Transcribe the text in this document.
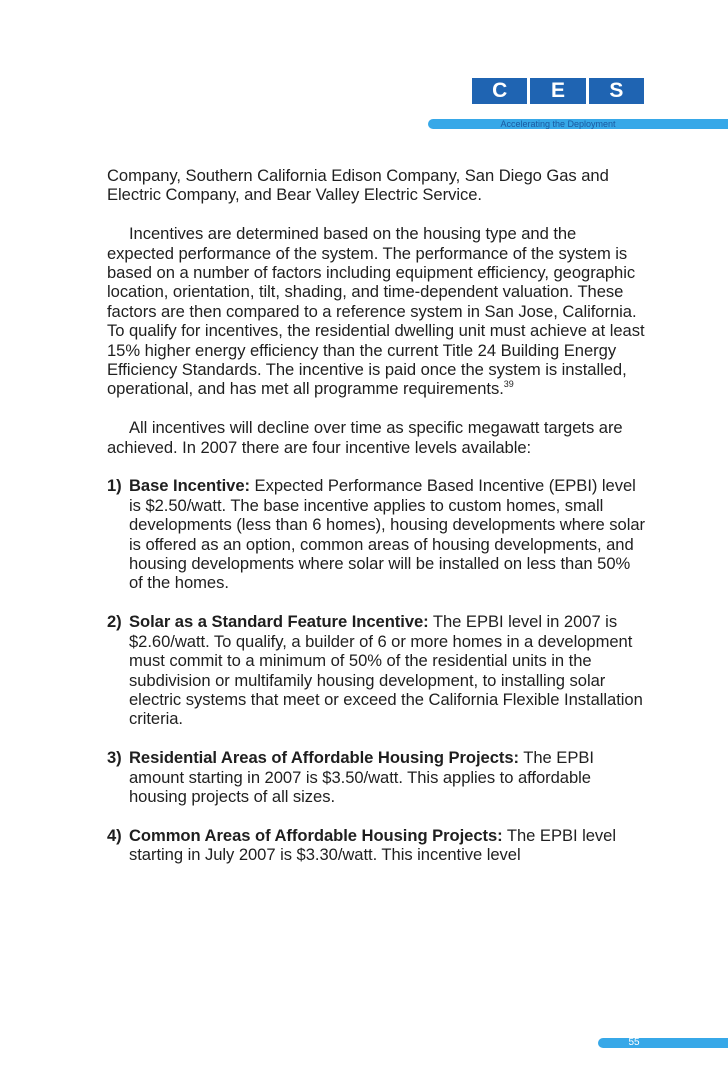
C	E	S
Accelerating the Deployment

Company, Southern California Edison Company, San Diego Gas and Electric Company, and Bear Valley Electric Service.

Incentives are determined based on the housing type and the expected performance of the system. The performance of the system is based on a number of factors including equipment efficiency, geographic location, orientation, tilt, shading, and time-dependent valuation. These factors are then compared to a reference system in San Jose, California. To qualify for incentives, the residential dwelling unit must achieve at least 15% higher energy efficiency than the current Title 24 Building Energy Efficiency Standards. The incentive is paid once the system is installed, operational, and has met all programme requirements.$^{39}$

All incentives will decline over time as specific megawatt targets are achieved. In 2007 there are four incentive levels available:

1) Base Incentive: Expected Performance Based Incentive (EPBI) level is $2.50/watt. The base incentive applies to custom homes, small developments (less than 6 homes), housing developments where solar is offered as an option, common areas of housing developments, and housing developments where solar will be installed on less than 50% of the homes.
2) Solar as a Standard Feature Incentive: The EPBI level in 2007 is $2.60/watt. To qualify, a builder of 6 or more homes in a development must commit to a minimum of 50% of the residential units in the subdivision or multifamily housing development, to installing solar electric systems that meet or exceed the California Flexible Installation criteria.
3) Residential Areas of Affordable Housing Projects: The EPBI amount starting in 2007 is $3.50/watt. This applies to affordable housing projects of all sizes.
4) Common Areas of Affordable Housing Projects: The EPBI level starting in July 2007 is $3.30/watt. This incentive level
55
